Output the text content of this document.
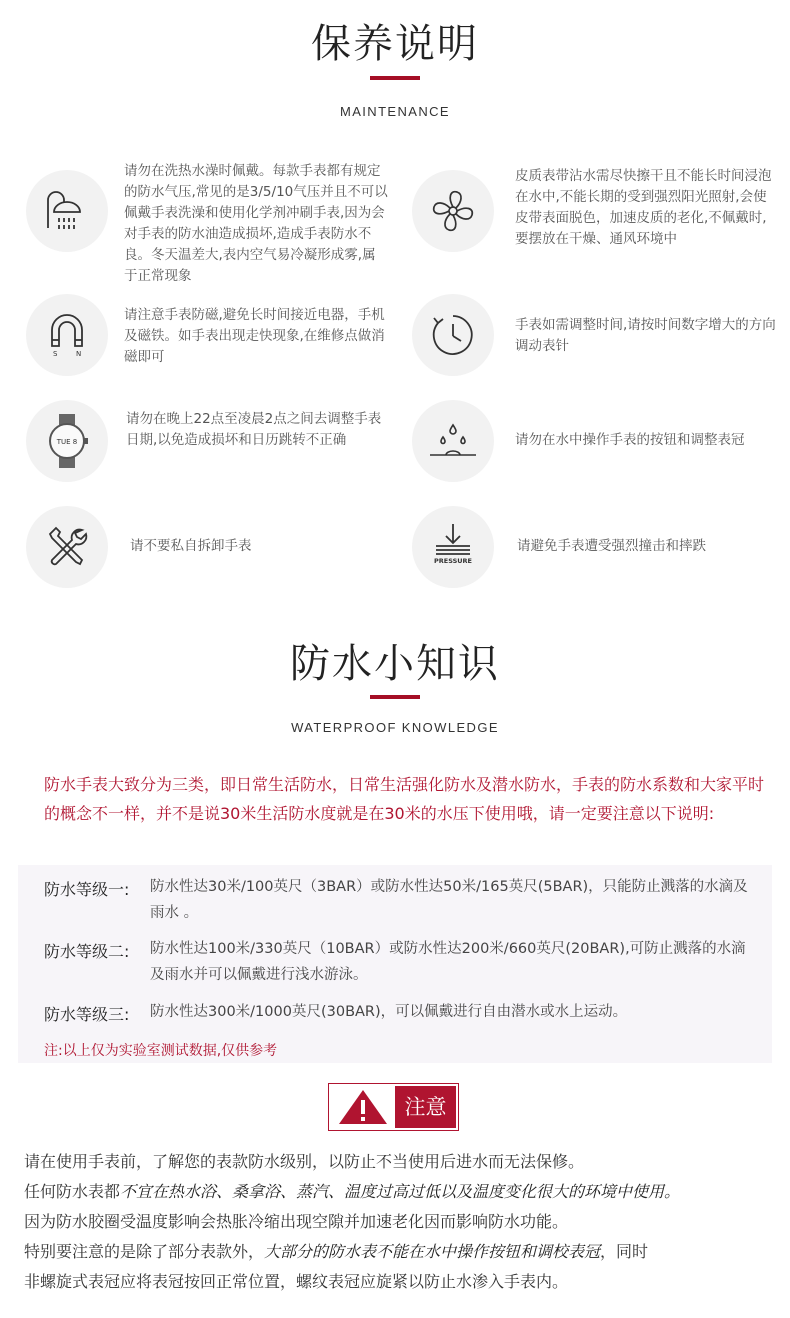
保养说明
MAINTENANCE
请勿在洗热水澡时佩戴。每款手表都有规定的防水气压,常见的是3/5/10气压并且不可以佩戴手表洗澡和使用化学剂冲刷手表,因为会对手表的防水油造成损坏,造成手表防水不良。冬天温差大,表内空气易冷凝形成雾,属于正常现象
皮质表带沾水需尽快擦干且不能长时间浸泡在水中,不能长期的受到强烈阳光照射,会使皮带表面脱色，加速皮质的老化,不佩戴时,要摆放在干燥、通风环境中
S	N
请注意手表防磁,避免长时间接近电器，手机及磁铁。如手表出现走快现象,在维修点做消磁即可
手表如需调整时间,请按时间数字增大的方向调动表针
TUE 8
请勿在晚上22点至凌晨2点之间去调整手表日期,以免造成损坏和日历跳转不正确	请勿在水中操作手表的按钮和调整表冠
请不要私自拆卸手表
PRESSURE
请避免手表遭受强烈撞击和摔跌
防水小知识
WATERPROOF KNOWLEDGE
防水手表大致分为三类，即日常生活防水，日常生活强化防水及潜水防水，手表的防水系数和大家平时的概念不一样，并不是说30米生活防水度就是在30米的水压下使用哦，请一定要注意以下说明:
防水等级一: 防水性达30米/100英尺（3BAR）或防水性达50米/165英尺(5BAR)，只能防止溅落的水滴及雨水 。
防水等级二: 防水性达100米/330英尺（10BAR）或防水性达200米/660英尺(20BAR),可防止溅落的水滴及雨水并可以佩戴进行浅水游泳。
防水等级三: 防水性达300米/1000英尺(30BAR)，可以佩戴进行自由潜水或水上运动。
注:以上仅为实验室测试数据,仅供参考
注意
请在使用手表前，了解您的表款防水级别，以防止不当使用后进水而无法保修。
任何防水表都不宜在热水浴、桑拿浴、蒸汽、温度过高过低以及温度变化很大的环境中使用。
因为防水胶圈受温度影响会热胀冷缩出现空隙并加速老化因而影响防水功能。
特别要注意的是除了部分表款外，大部分的防水表不能在水中操作按钮和调校表冠，同时
非螺旋式表冠应将表冠按回正常位置，螺纹表冠应旋紧以防止水渗入手表内。
